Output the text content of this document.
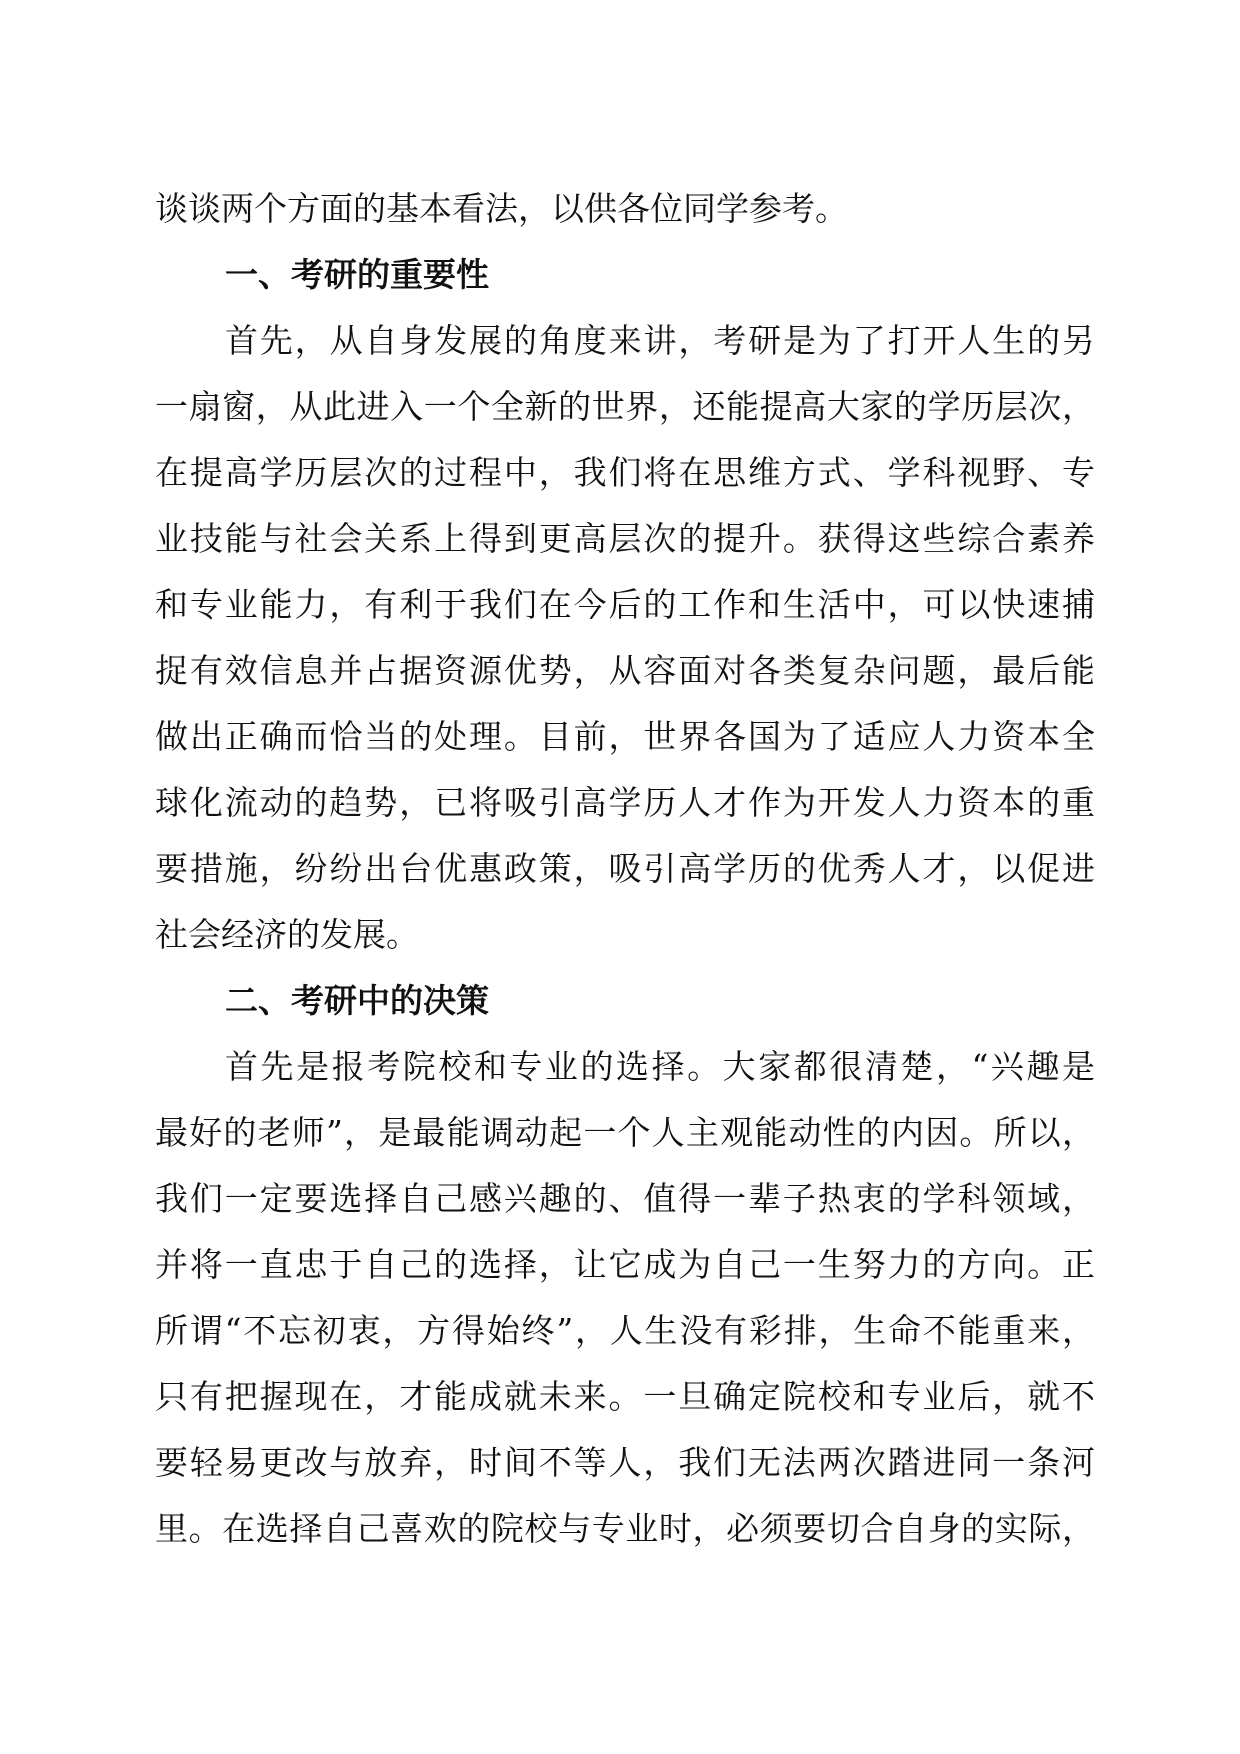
谈谈两个方面的基本看法，以供各位同学参考。
一、考研的重要性
首先，从自身发展的角度来讲，考研是为了打开人生的另
一扇窗，从此进入一个全新的世界，还能提高大家的学历层次，
在提高学历层次的过程中，我们将在思维方式、学科视野、专
业技能与社会关系上得到更高层次的提升。获得这些综合素养
和专业能力，有利于我们在今后的工作和生活中，可以快速捕
捉有效信息并占据资源优势，从容面对各类复杂问题，最后能
做出正确而恰当的处理。目前，世界各国为了适应人力资本全
球化流动的趋势，已将吸引高学历人才作为开发人力资本的重
要措施，纷纷出台优惠政策，吸引高学历的优秀人才，以促进
社会经济的发展。
二、考研中的决策
首先是报考院校和专业的选择。大家都很清楚，“兴趣是
最好的老师”，是最能调动起一个人主观能动性的内因。所以，
我们一定要选择自己感兴趣的、值得一辈子热衷的学科领域，
并将一直忠于自己的选择，让它成为自己一生努力的方向。正
所谓“不忘初衷，方得始终”，人生没有彩排，生命不能重来，
只有把握现在，才能成就未来。一旦确定院校和专业后，就不
要轻易更改与放弃，时间不等人，我们无法两次踏进同一条河
里。在选择自己喜欢的院校与专业时，必须要切合自身的实际，
